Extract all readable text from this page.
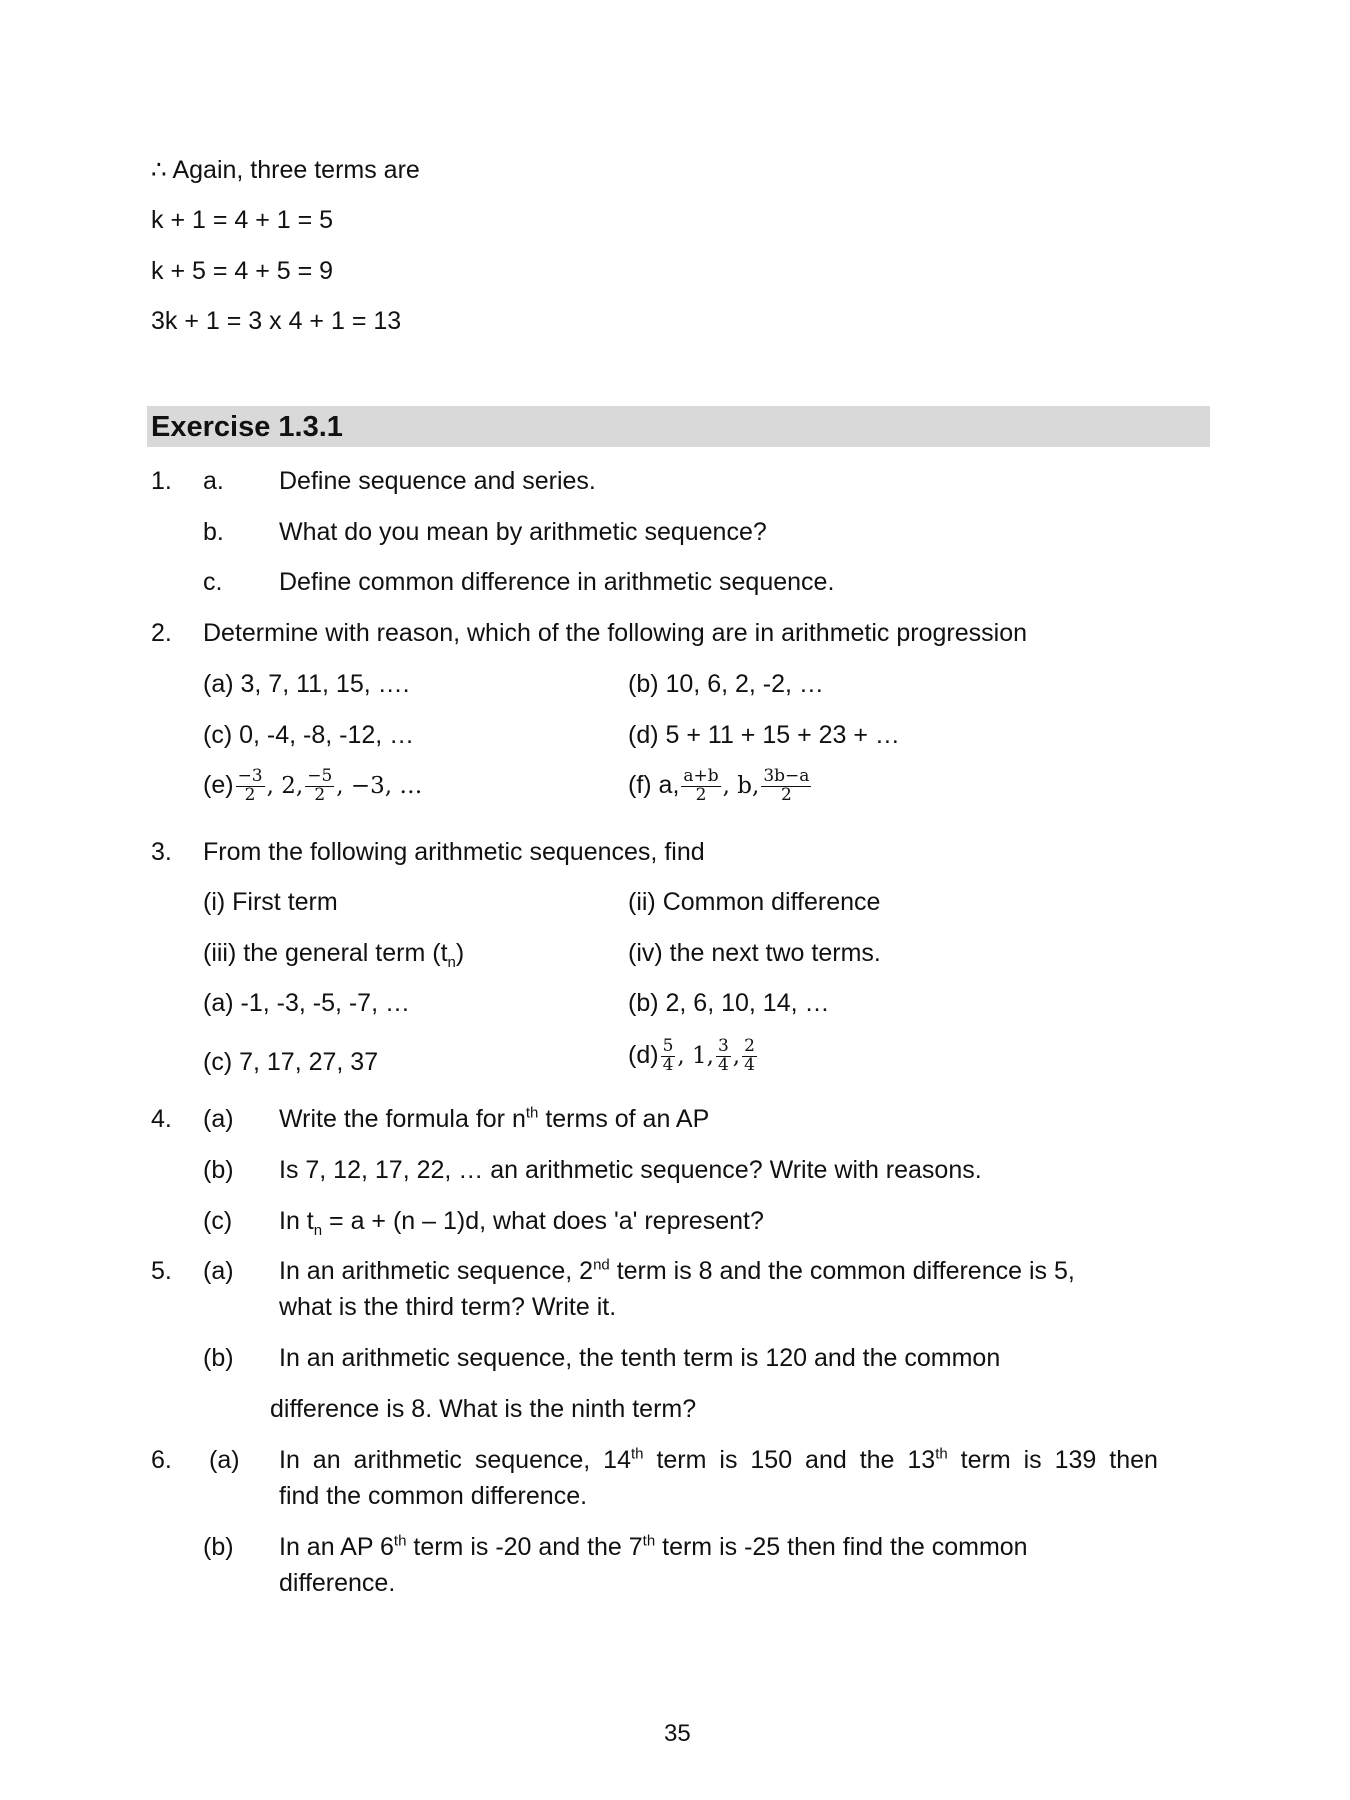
∴ Again, three terms are
k + 1 = 4 + 1 = 5
k + 5 = 4 + 5 = 9
3k + 1 = 3 x 4 + 1 = 13
Exercise 1.3.1
1. a. Define sequence and series.
b. What do you mean by arithmetic sequence?
c. Define common difference in arithmetic sequence.
2. Determine with reason, which of the following are in arithmetic progression
(a) 3, 7, 11, 15, ….	(b) 10, 6, 2, -2, …
(c) 0, -4, -8, -12, …	(d) 5 + 11 + 15 + 23 + …
$(e) \frac{-3}{2}$ , 2, $\frac{-5}{2}$ , −3, …	(f) a, $\frac{a+b}{2}$ , b, $\frac{3b-a}{2}$
3. From the following arithmetic sequences, find
(i) First term	(ii) Common difference
(iii) the general term $(t_n)$	(iv) the next two terms.
(a) -1, -3, -5, -7, …	(b) 2, 6, 10, 14, …
(c) 7, 17, 27, 37	$(d) \frac{5}{4}$ , 1, $\frac{3}{4}$ , $\frac{2}{4}$
4. (a) Write the formula for $n^{th}$ terms of an AP
(b) Is 7, 12, 17, 22, … an arithmetic sequence? Write with reasons.
(c) In $t_n = a + (n - 1)d$, what does 'a' represent?
5. (a) In an arithmetic sequence, 2nd term is 8 and the common difference is 5,
what is the third term? Write it.
(b) In an arithmetic sequence, the tenth term is 120 and the common
difference is 8. What is the ninth term?
6. (a) In an arithmetic sequence, 14th term is 150 and the 13th term is 139 then
find the common difference.
(b) In an AP 6th term is -20 and the 7th term is -25 then find the common
difference.
35
